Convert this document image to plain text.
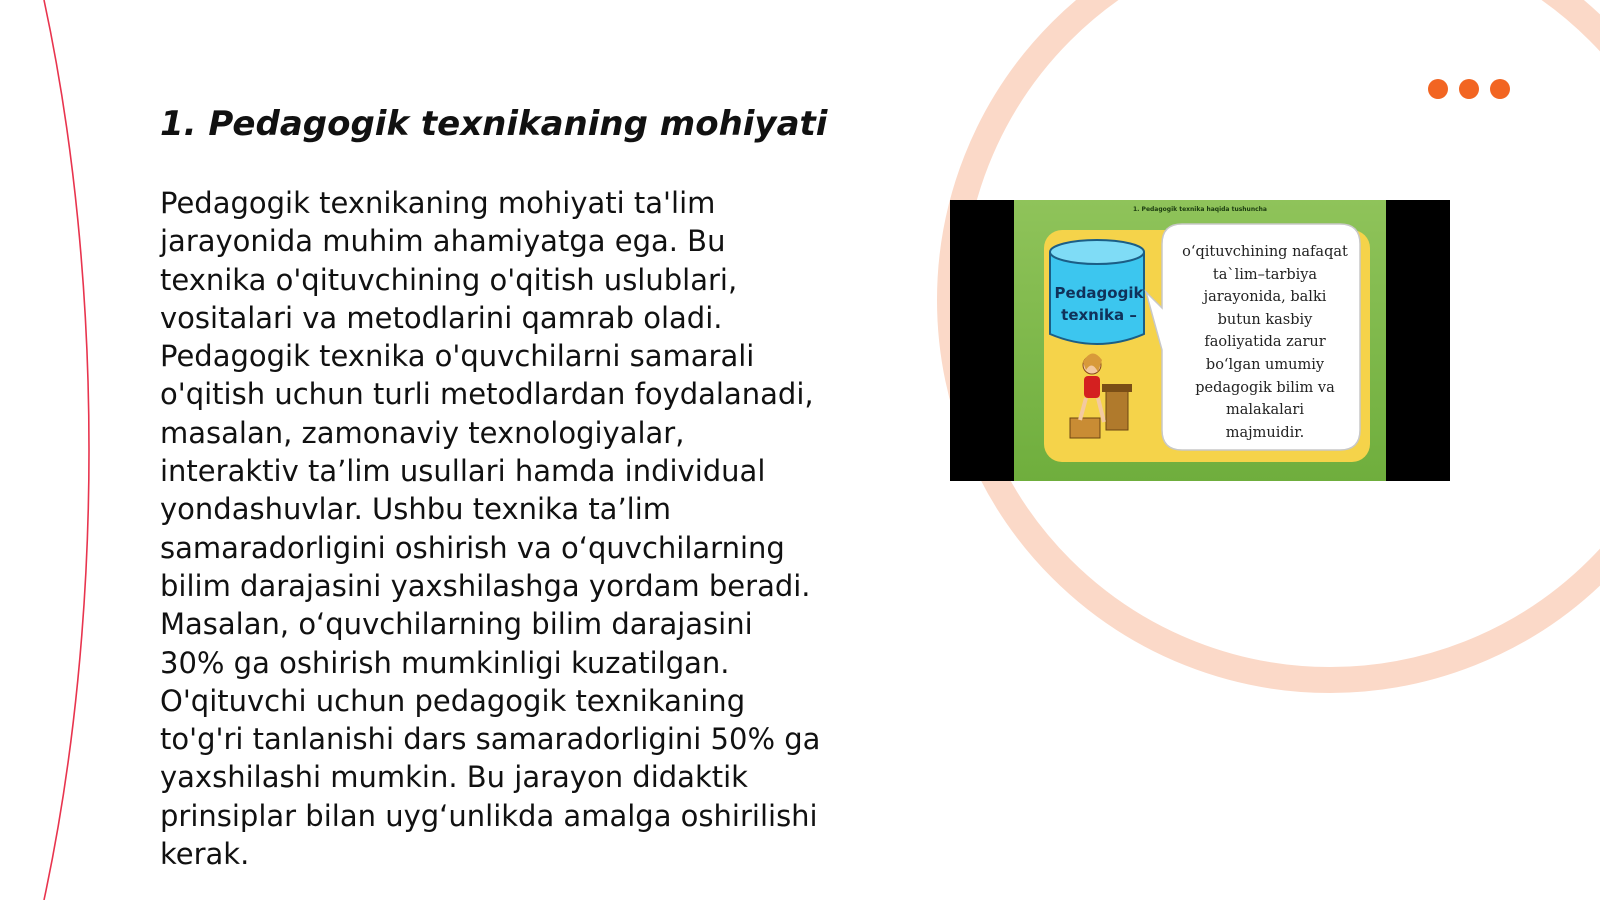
1. Pedagogik texnikaning mohiyati

Pedagogik texnikaning mohiyati ta'lim
jarayonida muhim ahamiyatga ega. Bu
texnika o'qituvchining o'qitish uslublari,
vositalari va metodlarini qamrab oladi.
Pedagogik texnika o'quvchilarni samarali
o'qitish uchun turli metodlardan foydalanadi,
masalan, zamonaviy texnologiyalar,
interaktiv ta’lim usullari hamda individual
yondashuvlar. Ushbu texnika ta’lim
samaradorligini oshirish va o‘quvchilarning
bilim darajasini yaxshilashga yordam beradi.
Masalan, o‘quvchilarning bilim darajasini
30% ga oshirish mumkinligi kuzatilgan.
O'qituvchi uchun pedagogik texnikaning
to'g'ri tanlanishi dars samaradorligini 50% ga
yaxshilashi mumkin. Bu jarayon didaktik
prinsiplar bilan uyg‘unlikda amalga oshirilishi
kerak.

1. Pedagogik texnika haqida tushuncha
Pedagogik
texnika –
o‘qituvchining nafaqat
ta`lim–tarbiya
jarayonida, balki
butun kasbiy
faoliyatida zarur
bo‘lgan umumiy
pedagogik bilim va
malakalari
majmuidir.
